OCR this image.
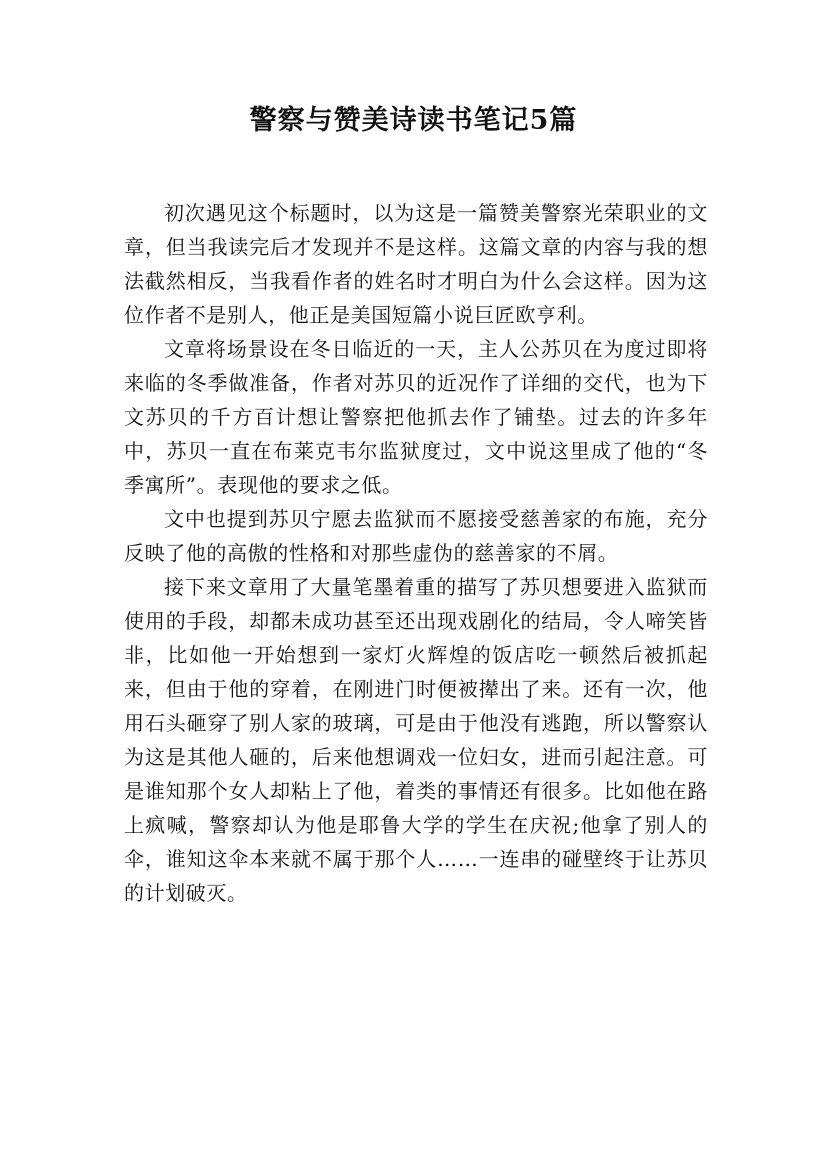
警察与赞美诗读书笔记5篇

初次遇见这个标题时，以为这是一篇赞美警察光荣职业的文章，但当我读完后才发现并不是这样。这篇文章的内容与我的想法截然相反，当我看作者的姓名时才明白为什么会这样。因为这位作者不是别人，他正是美国短篇小说巨匠欧亨利。

文章将场景设在冬日临近的一天，主人公苏贝在为度过即将来临的冬季做准备，作者对苏贝的近况作了详细的交代，也为下文苏贝的千方百计想让警察把他抓去作了铺垫。过去的许多年中，苏贝一直在布莱克韦尔监狱度过，文中说这里成了他的“冬季寓所”。表现他的要求之低。

文中也提到苏贝宁愿去监狱而不愿接受慈善家的布施，充分反映了他的高傲的性格和对那些虚伪的慈善家的不屑。

接下来文章用了大量笔墨着重的描写了苏贝想要进入监狱而使用的手段，却都未成功甚至还出现戏剧化的结局，令人啼笑皆非，比如他一开始想到一家灯火辉煌的饭店吃一顿然后被抓起来，但由于他的穿着，在刚进门时便被撵出了来。还有一次，他用石头砸穿了别人家的玻璃，可是由于他没有逃跑，所以警察认为这是其他人砸的，后来他想调戏一位妇女，进而引起注意。可是谁知那个女人却粘上了他，着类的事情还有很多。比如他在路上疯喊，警察却认为他是耶鲁大学的学生在庆祝;他拿了别人的伞，谁知这伞本来就不属于那个人……一连串的碰壁终于让苏贝的计划破灭。
